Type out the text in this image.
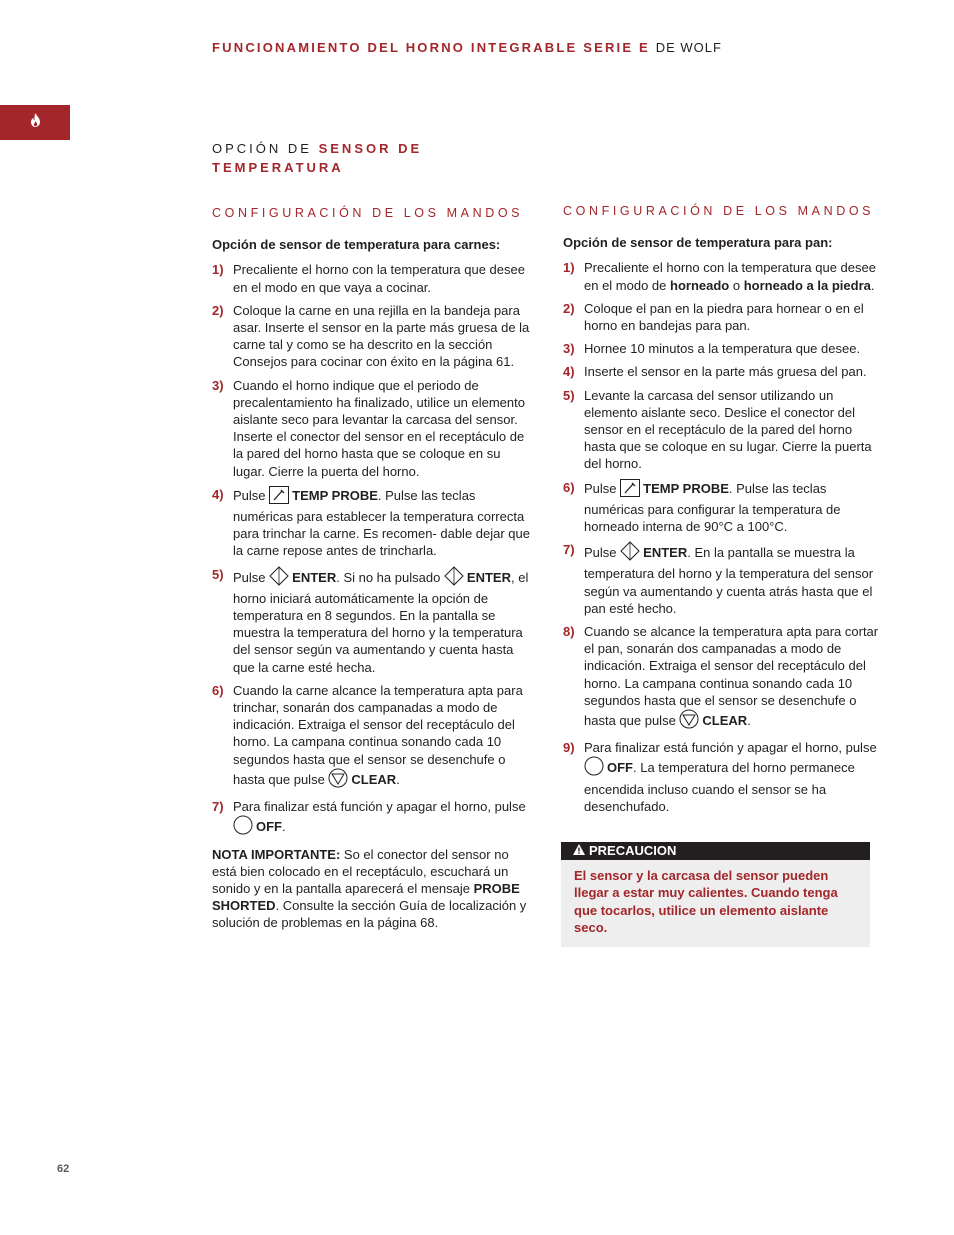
FUNCIONAMIENTO DEL HORNO INTEGRABLE SERIE E DE WOLF
OPCIÓN DE SENSOR DE TEMPERATURA
CONFIGURACIÓN DE LOS MANDOS
Opción de sensor de temperatura para carnes:
1) Precaliente el horno con la temperatura que desee en el modo en que vaya a cocinar.
2) Coloque la carne en una rejilla en la bandeja para asar. Inserte el sensor en la parte más gruesa de la carne tal y como se ha descrito en la sección Consejos para cocinar con éxito en la página 61.
3) Cuando el horno indique que el periodo de precalentamiento ha finalizado, utilice un elemento aislante seco para levantar la carcasa del sensor. Inserte el conector del sensor en el receptáculo de la pared del horno hasta que se coloque en su lugar. Cierre la puerta del horno.
4) Pulse TEMP PROBE. Pulse las teclas numéricas para establecer la temperatura correcta para trinchar la carne. Es recomen- dable dejar que la carne repose antes de trincharla.
5) Pulse ENTER. Si no ha pulsado ENTER, el horno iniciará automáticamente la opción de temperatura en 8 segundos. En la pantalla se muestra la temperatura del horno y la temperatura del sensor según va aumentando y cuenta hasta que la carne esté hecha.
6) Cuando la carne alcance la temperatura apta para trinchar, sonarán dos campanadas a modo de indicación. Extraiga el sensor del receptáculo del horno. La campana continua sonando cada 10 segundos hasta que el sensor se desenchufe o hasta que pulse CLEAR.
7) Para finalizar está función y apagar el horno, pulse OFF.
NOTA IMPORTANTE: So el conector del sensor no está bien colocado en el receptáculo, escuchará un sonido y en la pantalla aparecerá el mensaje PROBE SHORTED. Consulte la sección Guía de localización y solución de problemas en la página 68.
CONFIGURACIÓN DE LOS MANDOS
Opción de sensor de temperatura para pan:
1) Precaliente el horno con la temperatura que desee en el modo de horneado o horneado a la piedra.
2) Coloque el pan en la piedra para hornear o en el horno en bandejas para pan.
3) Hornee 10 minutos a la temperatura que desee.
4) Inserte el sensor en la parte más gruesa del pan.
5) Levante la carcasa del sensor utilizando un elemento aislante seco. Deslice el conector del sensor en el receptáculo de la pared del horno hasta que se coloque en su lugar. Cierre la puerta del horno.
6) Pulse TEMP PROBE. Pulse las teclas numéricas para configurar la temperatura de horneado interna de 90°C a 100°C.
7) Pulse ENTER. En la pantalla se muestra la temperatura del horno y la temperatura del sensor según va aumentando y cuenta atrás hasta que el pan esté hecho.
8) Cuando se alcance la temperatura apta para cortar el pan, sonarán dos campanadas a modo de indicación. Extraiga el sensor del receptáculo del horno. La campana continua sonando cada 10 segundos hasta que el sensor se desenchufe o hasta que pulse CLEAR.
9) Para finalizar está función y apagar el horno, pulse OFF. La temperatura del horno permanece encendida incluso cuando el sensor se ha desenchufado.
PRECAUCION
El sensor y la carcasa del sensor pueden llegar a estar muy calientes. Cuando tenga que tocarlos, utilice un elemento aislante seco.
62
